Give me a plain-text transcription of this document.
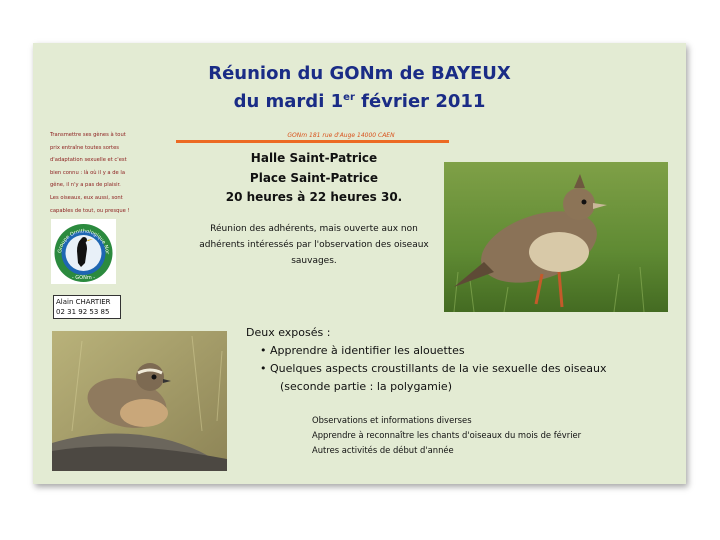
Réunion du GONm de BAYEUX
du mardi 1er février 2011
GONm 181 rue d'Auge 14000 CAEN
Halle Saint-Patrice
Place Saint-Patrice
20 heures à 22 heures 30.
Transmettre ses gènes à tout
prix entraîne toutes sortes
d'adaptation sexuelle et c'est
bien connu : là où il y a de la
gêne, il n'y a pas de plaisir.
Les oiseaux, eux aussi, sont
capables de tout, ou presque !
Groupe Ornithologique Nor
- GONm -
Alain CHARTIER
02 31 92 53 85
Réunion des adhérents, mais ouverte aux non
adhérents intéressés par l'observation des oiseaux
sauvages.
Deux exposés :
• Apprendre à identifier les alouettes
• Quelques aspects croustillants de la vie sexuelle des oiseaux
(seconde partie : la polygamie)
Observations et informations diverses
Apprendre à reconnaître les chants d'oiseaux du mois de février
Autres activités de début d'année
